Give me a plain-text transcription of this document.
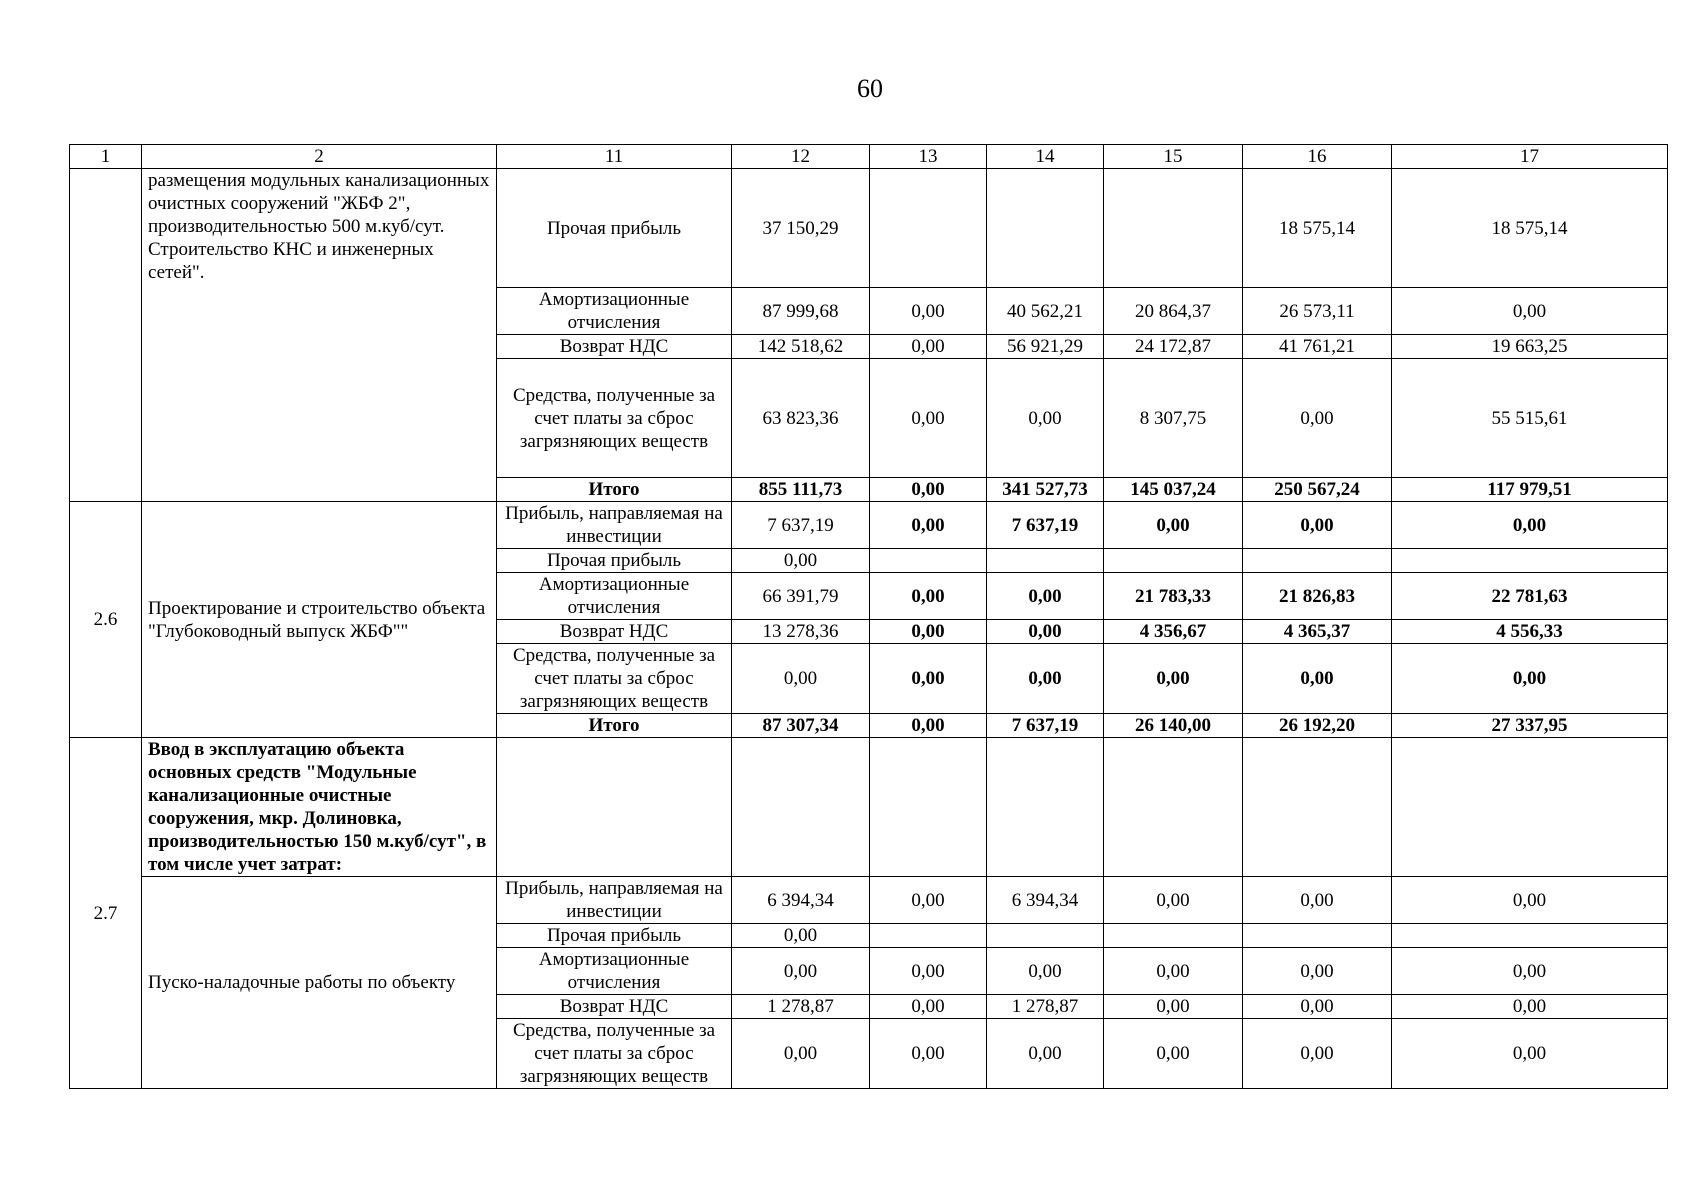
60
1	2	11	12	13	14	15	16	17
	размещения модульных канализационных очистных сооружений "ЖБФ 2", производительностью 500 м.куб/сут. Строительство КНС и инженерных сетей".	Прочая прибыль	37 150,29				18 575,14	18 575,14
		Амортизационные отчисления	87 999,68	0,00	40 562,21	20 864,37	26 573,11	0,00
		Возврат НДС	142 518,62	0,00	56 921,29	24 172,87	41 761,21	19 663,25
		Средства, полученные за счет платы за сброс загрязняющих веществ	63 823,36	0,00	0,00	8 307,75	0,00	55 515,61
		Итого	855 111,73	0,00	341 527,73	145 037,24	250 567,24	117 979,51
2.6	Проектирование и строительство объекта "Глубоководный выпуск ЖБФ""	Прибыль, направляемая на инвестиции	7 637,19	0,00	7 637,19	0,00	0,00	0,00
		Прочая прибыль	0,00					
		Амортизационные отчисления	66 391,79	0,00	0,00	21 783,33	21 826,83	22 781,63
		Возврат НДС	13 278,36	0,00	0,00	4 356,67	4 365,37	4 556,33
		Средства, полученные за счет платы за сброс загрязняющих веществ	0,00	0,00	0,00	0,00	0,00	0,00
		Итого	87 307,34	0,00	7 637,19	26 140,00	26 192,20	27 337,95
2.7	Ввод в эксплуатацию объекта основных средств "Модульные канализационные очистные сооружения, мкр. Долиновка, производительностью 150 м.куб/сут", в том числе учет затрат:							
	Пуско-наладочные работы по объекту	Прибыль, направляемая на инвестиции	6 394,34	0,00	6 394,34	0,00	0,00	0,00
		Прочая прибыль	0,00					
		Амортизационные отчисления	0,00	0,00	0,00	0,00	0,00	0,00
		Возврат НДС	1 278,87	0,00	1 278,87	0,00	0,00	0,00
		Средства, полученные за счет платы за сброс загрязняющих веществ	0,00	0,00	0,00	0,00	0,00	0,00
